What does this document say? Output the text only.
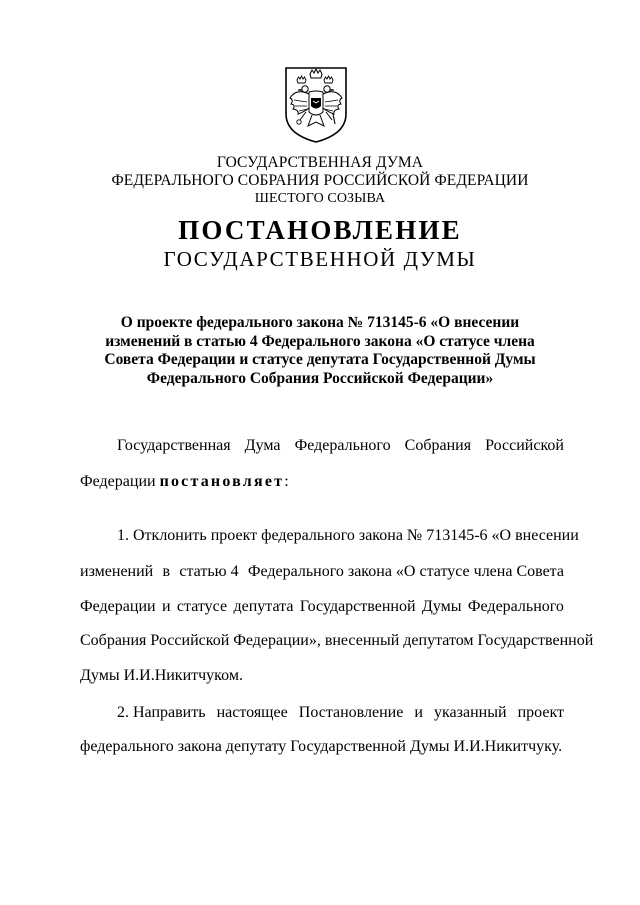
ГОСУДАРСТВЕННАЯ ДУМА
ФЕДЕРАЛЬНОГО СОБРАНИЯ РОССИЙСКОЙ ФЕДЕРАЦИИ
ШЕСТОГО СОЗЫВА
ПОСТАНОВЛЕНИЕ
ГОСУДАРСТВЕННОЙ ДУМЫ
О проекте федерального закона № 713145-6 «О внесении
изменений в статью 4 Федерального закона «О статусе члена
Совета Федерации и статусе депутата Государственной Думы
Федерального Собрания Российской Федерации»
Государственная Дума Федерального Собрания Российской
Федерации постановляет:
1. Отклонить проект федерального закона № 713145-6 «О внесении
изменений в статью 4 Федерального закона «О статусе члена Совета
Федерации и статусе депутата Государственной Думы Федерального
Собрания Российской Федерации», внесенный депутатом Государственной
Думы И.И.Никитчуком.
2. Направить настоящее Постановление и указанный проект
федерального закона депутату Государственной Думы И.И.Никитчуку.
